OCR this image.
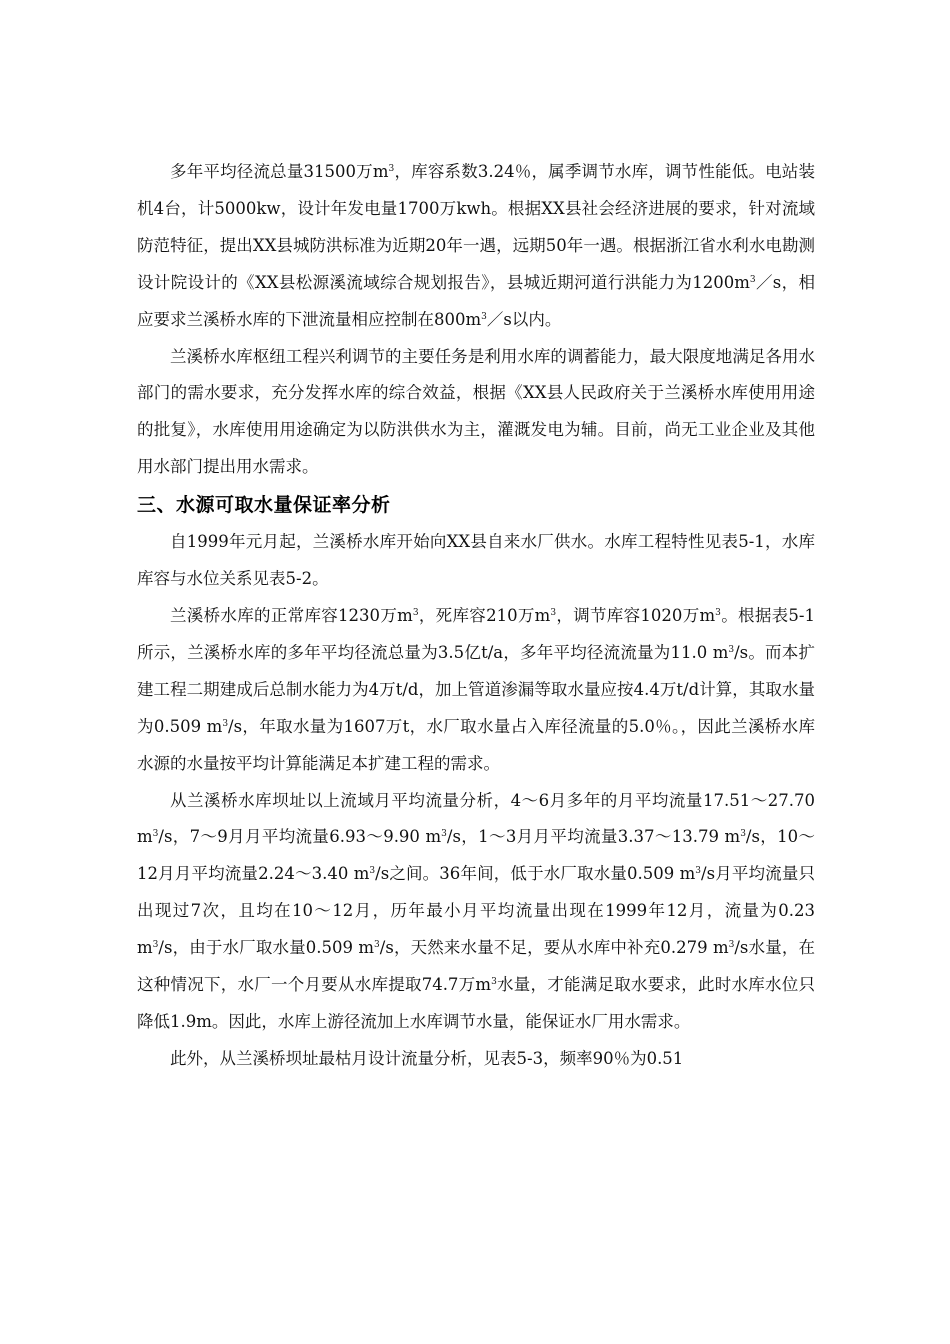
多年平均径流总量31500万$m^3$，库容系数3.24％，属季调节水库，调节性能低。电站装机4台，计5000kw，设计年发电量1700万kwh。根据XX县社会经济进展的要求，针对流域防范特征，提出XX县城防洪标准为近期20年一遇，远期50年一遇。根据浙江省水利水电勘测设计院设计的《XX县松源溪流域综合规划报告》，县城近期河道行洪能力为$1200m^3/s$，相应要求兰溪桥水库的下泄流量相应控制在$800m^3/s$以内。

兰溪桥水库枢纽工程兴利调节的主要任务是利用水库的调蓄能力，最大限度地满足各用水部门的需水要求，充分发挥水库的综合效益，根据《XX县人民政府关于兰溪桥水库使用用途的批复》，水库使用用途确定为以防洪供水为主，灌溉发电为辅。目前，尚无工业企业及其他用水部门提出用水需求。

三、水源可取水量保证率分析

自1999年元月起，兰溪桥水库开始向XX县自来水厂供水。水库工程特性见表5-1，水库库容与水位关系见表5-2。

兰溪桥水库的正常库容1230万$m^3$，死库容210万$m^3$，调节库容1020万$m^3$。根据表5-1所示，兰溪桥水库的多年平均径流总量为3.5亿t/a，多年平均径流流量为11.0 $m^3/s$。而本扩建工程二期建成后总制水能力为4万t/d，加上管道渗漏等取水量应按4.4万t/d计算，其取水量为0.509 $m^3/s$，年取水量为1607万t，水厂取水量占入库径流量的5.0％。，因此兰溪桥水库水源的水量按平均计算能满足本扩建工程的需求。

从兰溪桥水库坝址以上流域月平均流量分析，4～6月多年的月平均流量17.51～27.70 $m^3/s$，7～9月月平均流量6.93～9.90 $m^3/s$，1～3月月平均流量3.37～13.79 $m^3/s$，10～12月月平均流量2.24～3.40 $m^3/s$之间。36年间，低于水厂取水量0.509 $m^3/s$月平均流量只出现过7次，且均在10～12月，历年最小月平均流量出现在1999年12月，流量为0.23 $m^3/s$，由于水厂取水量0.509 $m^3/s$，天然来水量不足，要从水库中补充0.279 $m^3/s$水量，在这种情况下，水厂一个月要从水库提取74.7万$m^3$水量，才能满足取水要求，此时水库水位只降低1.9m。因此，水库上游径流加上水库调节水量，能保证水厂用水需求。

此外，从兰溪桥坝址最枯月设计流量分析，见表5-3，频率90％为0.51
